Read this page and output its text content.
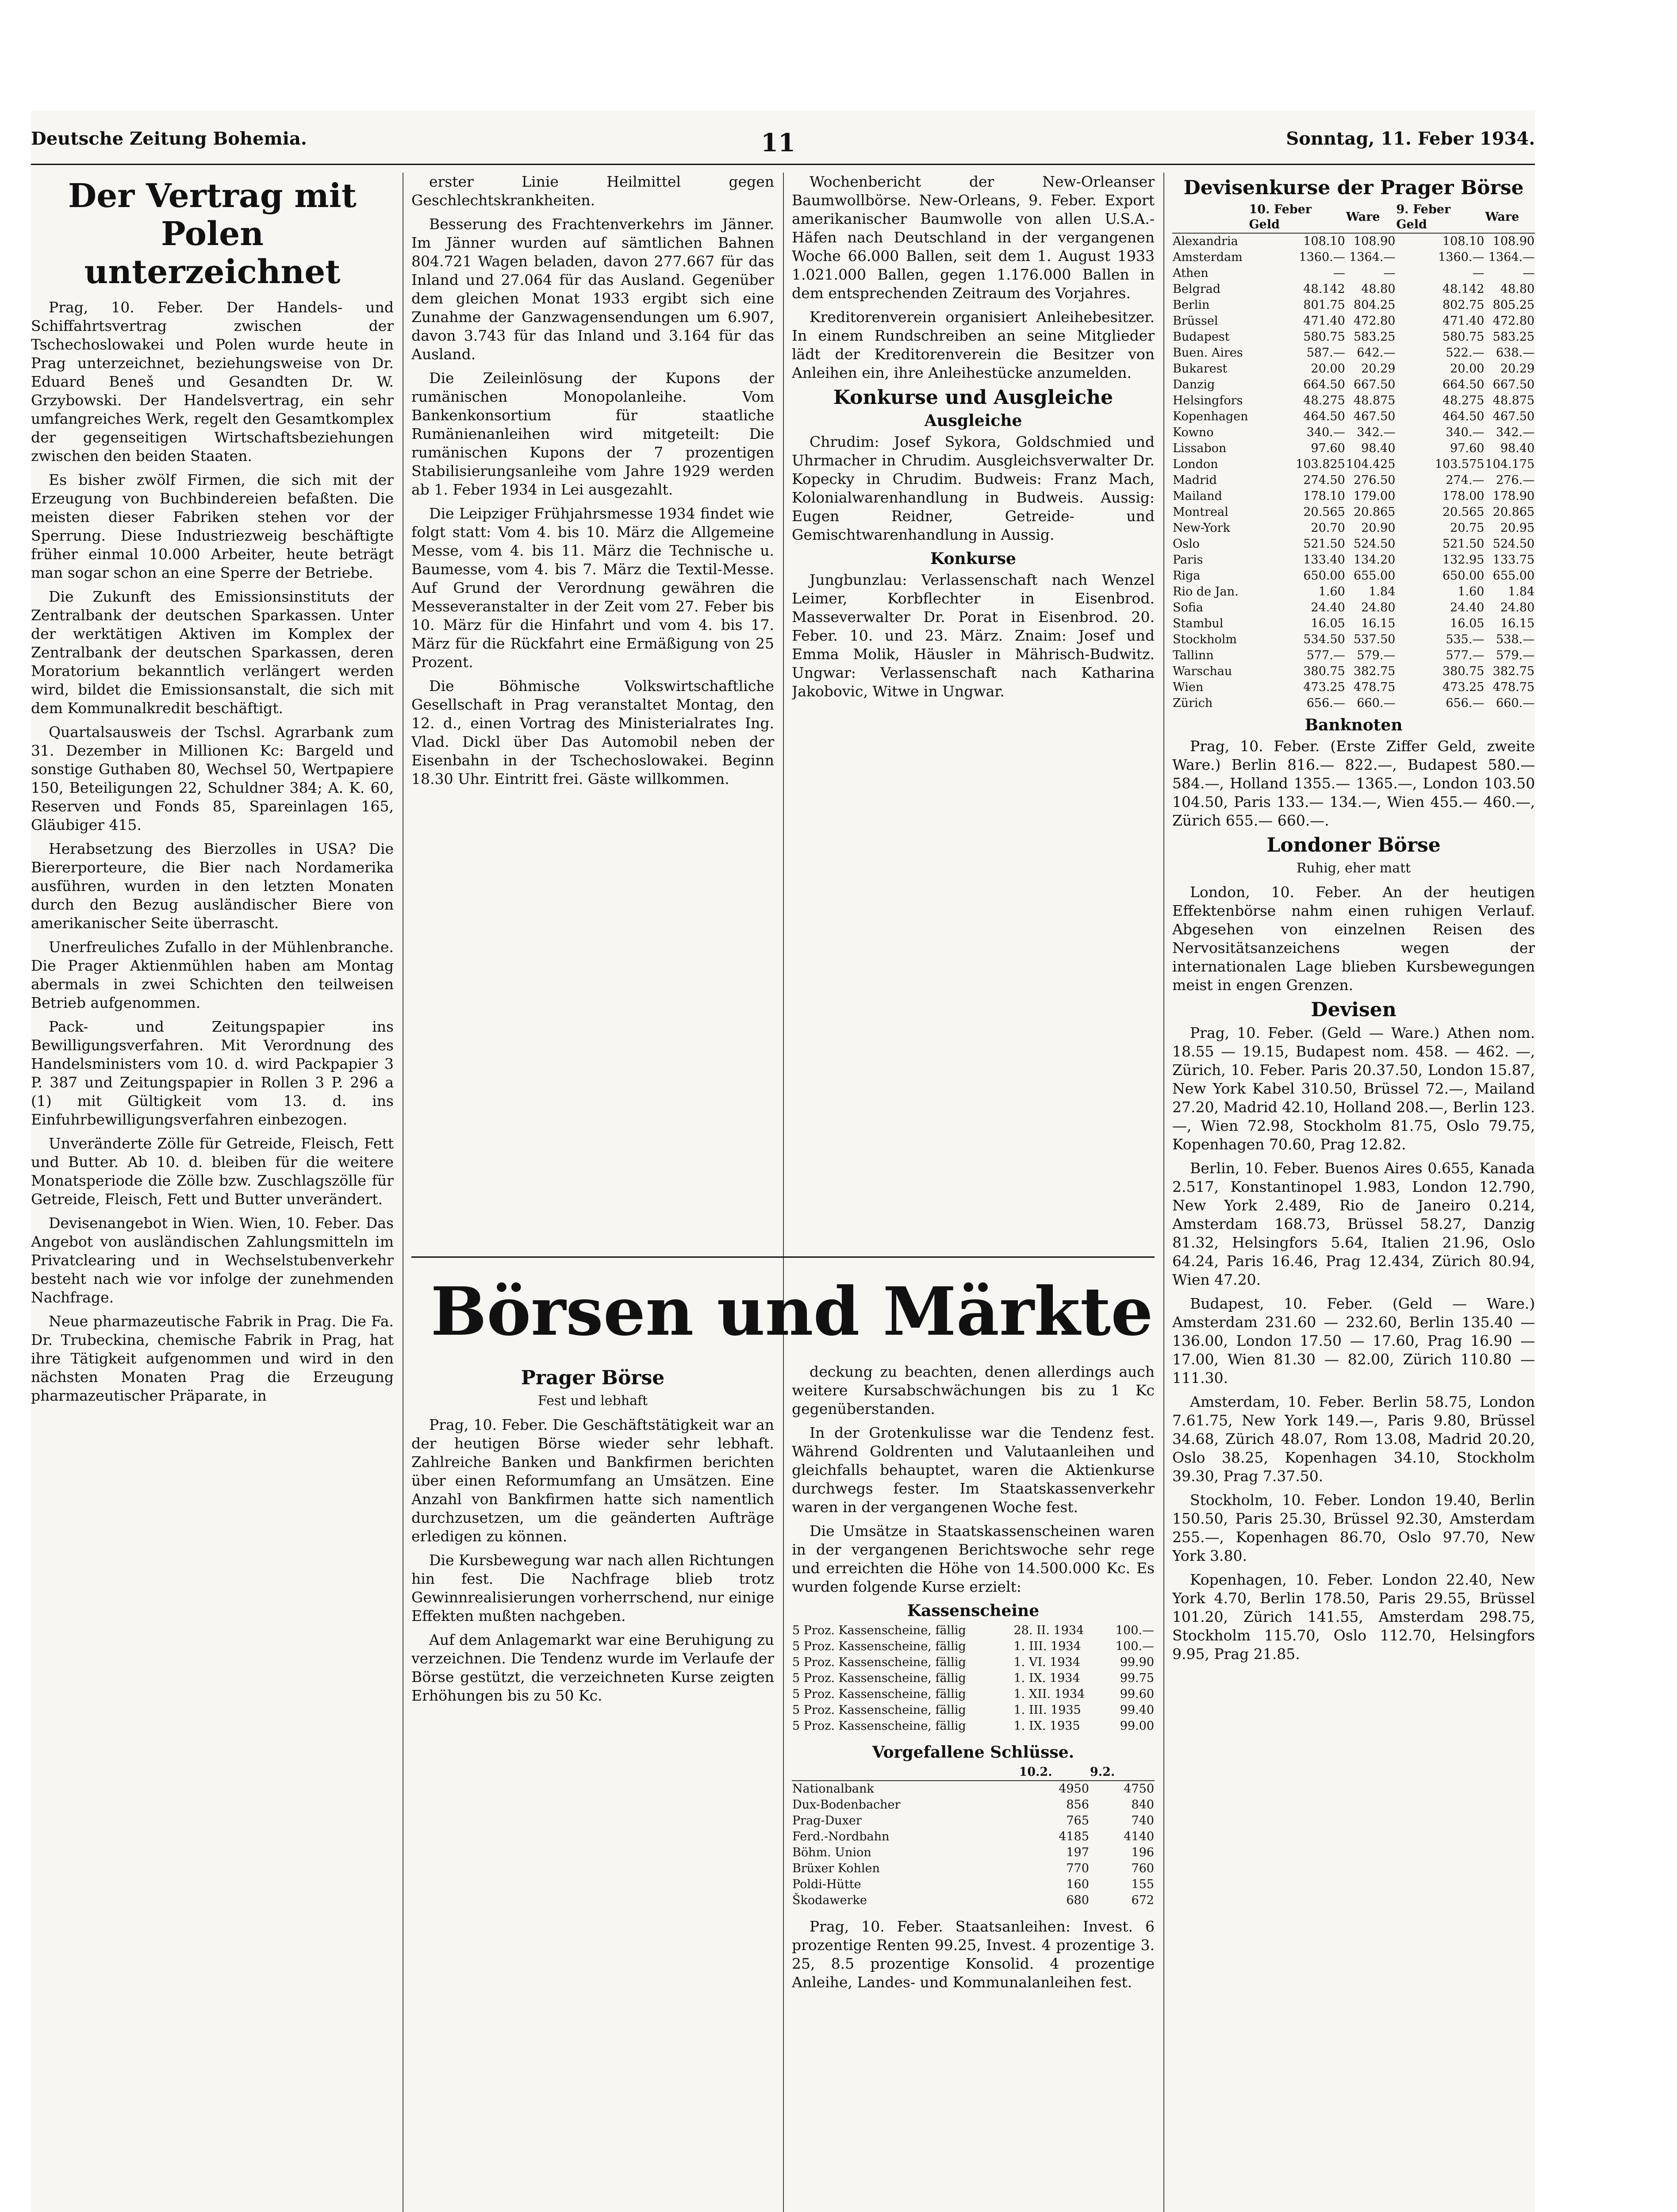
Deutsche Zeitung Bohemia.	11	Sonntag, 11. Feber 1934.
Der Vertrag mit Polen unterzeichnet

Prag, 10. Feber. Der Handels- und Schiffahrtsvertrag zwischen der Tschechoslowakei und Polen wurde heute in Prag unterzeichnet, beziehungsweise von Dr. Eduard Beneš und Gesandten Dr. W. Grzybowski. Der Handelsvertrag, ein sehr umfangreiches Werk, regelt den Gesamtkomplex der gegenseitigen Wirtschaftsbeziehungen zwischen den beiden Staaten.

Es bisher zwölf Firmen, die sich mit der Erzeugung von Buchbindereien befaßten. Die meisten dieser Fabriken stehen vor der Sperrung. Diese Industriezweig beschäftigte früher einmal 10.000 Arbeiter, heute beträgt man sogar schon an eine Sperre der Betriebe.

Die Zukunft des Emissionsinstituts der Zentralbank der deutschen Sparkassen. Unter der werktätigen Aktiven im Komplex der Zentralbank der deutschen Sparkassen, deren Moratorium bekanntlich verlängert werden wird, bildet die Emissionsanstalt, die sich mit dem Kommunalkredit beschäftigt.

Quartalsausweis der Tschsl. Agrarbank zum 31. Dezember in Millionen Kc: Bargeld und sonstige Guthaben 80, Wechsel 50, Wertpapiere 150, Beteiligungen 22, Schuldner 384; A. K. 60, Reserven und Fonds 85, Spareinlagen 165, Gläubiger 415.

Herabsetzung des Bierzolles in USA? Die Biererporteure, die Bier nach Nordamerika ausführen, wurden in den letzten Monaten durch den Bezug ausländischer Biere von amerikanischer Seite überrascht.

Unerfreuliches Zufallo in der Mühlenbranche. Die Prager Aktienmühlen haben am Montag abermals in zwei Schichten den teilweisen Betrieb aufgenommen.

Pack- und Zeitungspapier ins Bewilligungsverfahren. Mit Verordnung des Handelsministers vom 10. d. wird Packpapier 3 P. 387 und Zeitungspapier in Rollen 3 P. 296 a (1) mit Gültigkeit vom 13. d. ins Einfuhrbewilligungsverfahren einbezogen.

Unveränderte Zölle für Getreide, Fleisch, Fett und Butter. Ab 10. d. bleiben für die weitere Monatsperiode die Zölle bzw. Zuschlagszölle für Getreide, Fleisch, Fett und Butter unverändert.

Devisenangebot in Wien. Wien, 10. Feber. Das Angebot von ausländischen Zahlungsmitteln im Privatclearing und in Wechselstubenverkehr besteht nach wie vor infolge der zunehmenden Nachfrage.

Neue pharmazeutische Fabrik in Prag. Die Fa. Dr. Trubeckina, chemische Fabrik in Prag, hat ihre Tätigkeit aufgenommen und wird in den nächsten Monaten Prag die Erzeugung pharmazeutischer Präparate, in

erster Linie Heilmittel gegen Geschlechtskrankheiten.

Besserung des Frachtenverkehrs im Jänner. Im Jänner wurden auf sämtlichen Bahnen 804.721 Wagen beladen, davon 277.667 für das Inland und 27.064 für das Ausland. Gegenüber dem gleichen Monat 1933 ergibt sich eine Zunahme der Ganzwagensendungen um 6.907, davon 3.743 für das Inland und 3.164 für das Ausland.

Die Zeileinlösung der Kupons der rumänischen Monopolanleihe. Vom Bankenkonsortium für staatliche Rumänienanleihen wird mitgeteilt: Die rumänischen Kupons der 7 prozentigen Stabilisierungsanleihe vom Jahre 1929 werden ab 1. Feber 1934 in Lei ausgezahlt.

Die Leipziger Frühjahrsmesse 1934 findet wie folgt statt: Vom 4. bis 10. März die Allgemeine Messe, vom 4. bis 11. März die Technische u. Baumesse, vom 4. bis 7. März die Textil-Messe. Auf Grund der Verordnung gewähren die Messeveranstalter in der Zeit vom 27. Feber bis 10. März für die Hinfahrt und vom 4. bis 17. März für die Rückfahrt eine Ermäßigung von 25 Prozent.

Die Böhmische Volkswirtschaftliche Gesellschaft in Prag veranstaltet Montag, den 12. d., einen Vortrag des Ministerialrates Ing. Vlad. Dickl über Das Automobil neben der Eisenbahn in der Tschechoslowakei. Beginn 18.30 Uhr. Eintritt frei. Gäste willkommen.

Wochenbericht der New-Orleanser Baumwollbörse. New-Orleans, 9. Feber. Export amerikanischer Baumwolle von allen U.S.A.-Häfen nach Deutschland in der vergangenen Woche 66.000 Ballen, seit dem 1. August 1933 1.021.000 Ballen, gegen 1.176.000 Ballen in dem entsprechenden Zeitraum des Vorjahres.

Kreditorenverein organisiert Anleihebesitzer. In einem Rundschreiben an seine Mitglieder lädt der Kreditorenverein die Besitzer von Anleihen ein, ihre Anleihestücke anzumelden.

Konkurse und Ausgleiche
Ausgleiche

Chrudim: Josef Sykora, Goldschmied und Uhrmacher in Chrudim. Ausgleichsverwalter Dr. Kopecky in Chrudim. Budweis: Franz Mach, Kolonialwarenhandlung in Budweis. Aussig: Eugen Reidner, Getreide- und Gemischtwarenhandlung in Aussig.

Konkurse

Jungbunzlau: Verlassenschaft nach Wenzel Leimer, Korbflechter in Eisenbrod. Masseverwalter Dr. Porat in Eisenbrod. 20. Feber. 10. und 23. März. Znaim: Josef und Emma Molik, Häusler in Mährisch-Budwitz. Ungwar: Verlassenschaft nach Katharina Jakobovic, Witwe in Ungwar.

Börsen und Märkte
Prager Börse
Fest und lebhaft

Prag, 10. Feber. Die Geschäftstätigkeit war an der heutigen Börse wieder sehr lebhaft. Zahlreiche Banken und Bankfirmen berichten über einen Reformumfang an Umsätzen. Eine Anzahl von Bankfirmen hatte sich namentlich durchzusetzen, um die geänderten Aufträge erledigen zu können.

Die Kursbewegung war nach allen Richtungen hin fest. Die Nachfrage blieb trotz Gewinnrealisierungen vorherrschend, nur einige Effekten mußten nachgeben.

Auf dem Anlagemarkt war eine Beruhigung zu verzeichnen. Die Tendenz wurde im Verlaufe der Börse gestützt, die verzeichneten Kurse zeigten Erhöhungen bis zu 50 Kc.

deckung zu beachten, denen allerdings auch weitere Kursabschwächungen bis zu 1 Kc gegenüberstanden.

In der Grotenkulisse war die Tendenz fest. Während Goldrenten und Valutaanleihen und gleichfalls behauptet, waren die Aktienkurse durchwegs fester. Im Staatskassenverkehr waren in der vergangenen Woche fest.

Die Umsätze in Staatskassenscheinen waren in der vergangenen Berichtswoche sehr rege und erreichten die Höhe von 14.500.000 Kc. Es wurden folgende Kurse erzielt:

Kassenscheine
5 Proz. Kassenscheine, fällig	28. II. 1934	100.—
5 Proz. Kassenscheine, fällig	1. III. 1934	100.—
5 Proz. Kassenscheine, fällig	1. VI. 1934	99.90
5 Proz. Kassenscheine, fällig	1. IX. 1934	99.75
5 Proz. Kassenscheine, fällig	1. XII. 1934	99.60
5 Proz. Kassenscheine, fällig	1. III. 1935	99.40
5 Proz. Kassenscheine, fällig	1. IX. 1935	99.00
Vorgefallene Schlüsse.
	10.2.	9.2.
Nationalbank	4950	4750
Dux-Bodenbacher	856	840
Prag-Duxer	765	740
Ferd.-Nordbahn	4185	4140
Böhm. Union	197	196
Brüxer Kohlen	770	760
Poldi-Hütte	160	155
Škodawerke	680	672

Prag, 10. Feber. Staatsanleihen: Invest. 6 prozentige Renten 99.25, Invest. 4 prozentige 3. 25, 8.5 prozentige Konsolid. 4 prozentige Anleihe, Landes- und Kommunalanleihen fest.

Devisenkurse der Prager Börse
	10. Feber Geld	Ware	9. Feber Geld	Ware
Alexandria	108.10	108.90	108.10	108.90
Amsterdam	1360.—	1364.—	1360.—	1364.—
Athen	—	—	—	—
Belgrad	48.142	48.80	48.142	48.80
Berlin	801.75	804.25	802.75	805.25
Brüssel	471.40	472.80	471.40	472.80
Budapest	580.75	583.25	580.75	583.25
Buen. Aires	587.—	642.—	522.—	638.—
Bukarest	20.00	20.29	20.00	20.29
Danzig	664.50	667.50	664.50	667.50
Helsingfors	48.275	48.875	48.275	48.875
Kopenhagen	464.50	467.50	464.50	467.50
Kowno	340.—	342.—	340.—	342.—
Lissabon	97.60	98.40	97.60	98.40
London	103.825	104.425	103.575	104.175
Madrid	274.50	276.50	274.—	276.—
Mailand	178.10	179.00	178.00	178.90
Montreal	20.565	20.865	20.565	20.865
New-York	20.70	20.90	20.75	20.95
Oslo	521.50	524.50	521.50	524.50
Paris	133.40	134.20	132.95	133.75
Riga	650.00	655.00	650.00	655.00
Rio de Jan.	1.60	1.84	1.60	1.84
Sofia	24.40	24.80	24.40	24.80
Stambul	16.05	16.15	16.05	16.15
Stockholm	534.50	537.50	535.—	538.—
Tallinn	577.—	579.—	577.—	579.—
Warschau	380.75	382.75	380.75	382.75
Wien	473.25	478.75	473.25	478.75
Zürich	656.—	660.—	656.—	660.—
Banknoten

Prag, 10. Feber. (Erste Ziffer Geld, zweite Ware.) Berlin 816.— 822.—, Budapest 580.— 584.—, Holland 1355.— 1365.—, London 103.50 104.50, Paris 133.— 134.—, Wien 455.— 460.—, Zürich 655.— 660.—.

Londoner Börse
Ruhig, eher matt

London, 10. Feber. An der heutigen Effektenbörse nahm einen ruhigen Verlauf. Abgesehen von einzelnen Reisen des Nervositätsanzeichens wegen der internationalen Lage blieben Kursbewegungen meist in engen Grenzen.

Devisen

Prag, 10. Feber. (Geld — Ware.) Athen nom. 18.55 — 19.15, Budapest nom. 458. — 462. —, Zürich, 10. Feber. Paris 20.37.50, London 15.87, New York Kabel 310.50, Brüssel 72.—, Mailand 27.20, Madrid 42.10, Holland 208.—, Berlin 123.—, Wien 72.98, Stockholm 81.75, Oslo 79.75, Kopenhagen 70.60, Prag 12.82.

Berlin, 10. Feber. Buenos Aires 0.655, Kanada 2.517, Konstantinopel 1.983, London 12.790, New York 2.489, Rio de Janeiro 0.214, Amsterdam 168.73, Brüssel 58.27, Danzig 81.32, Helsingfors 5.64, Italien 21.96, Oslo 64.24, Paris 16.46, Prag 12.434, Zürich 80.94, Wien 47.20.

Budapest, 10. Feber. (Geld — Ware.) Amsterdam 231.60 — 232.60, Berlin 135.40 — 136.00, London 17.50 — 17.60, Prag 16.90 — 17.00, Wien 81.30 — 82.00, Zürich 110.80 — 111.30.

Amsterdam, 10. Feber. Berlin 58.75, London 7.61.75, New York 149.—, Paris 9.80, Brüssel 34.68, Zürich 48.07, Rom 13.08, Madrid 20.20, Oslo 38.25, Kopenhagen 34.10, Stockholm 39.30, Prag 7.37.50.

Stockholm, 10. Feber. London 19.40, Berlin 150.50, Paris 25.30, Brüssel 92.30, Amsterdam 255.—, Kopenhagen 86.70, Oslo 97.70, New York 3.80.

Kopenhagen, 10. Feber. London 22.40, New York 4.70, Berlin 178.50, Paris 29.55, Brüssel 101.20, Zürich 141.55, Amsterdam 298.75, Stockholm 115.70, Oslo 112.70, Helsingfors 9.95, Prag 21.85.
